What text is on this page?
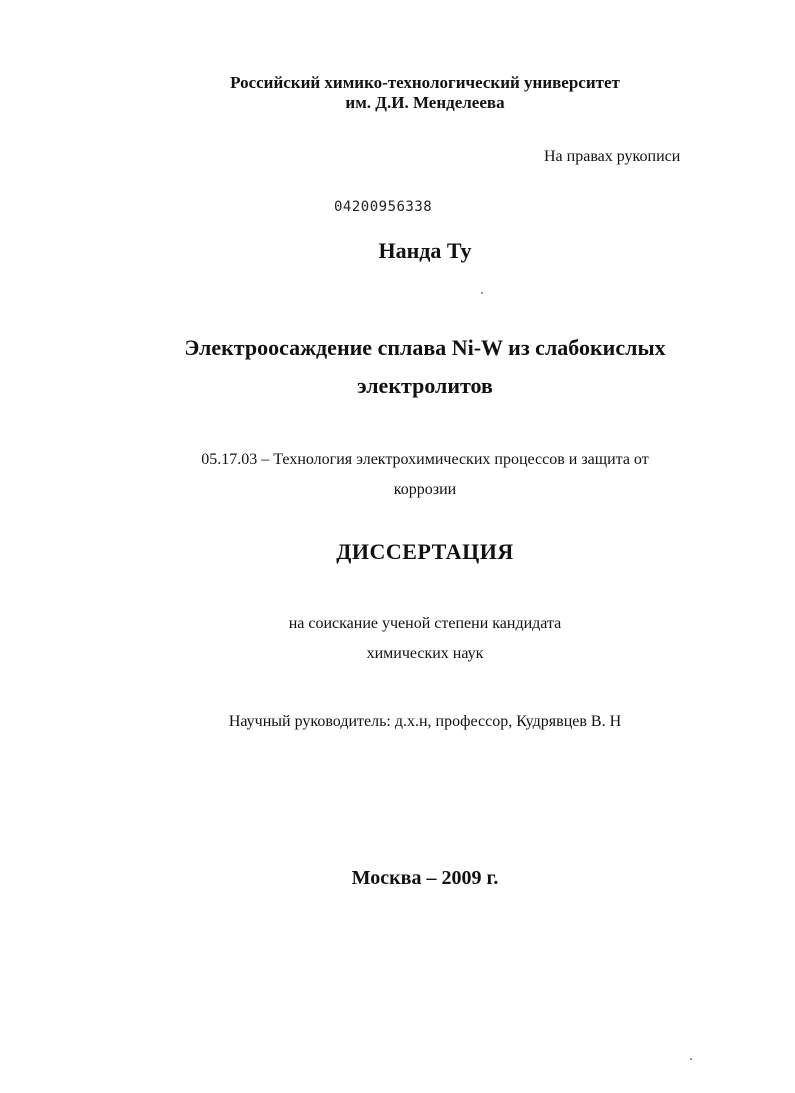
Российский химико-технологический университет
им. Д.И. Менделеева
На правах рукописи
04200956338
Нанда Ту
Электроосаждение сплава Ni-W из слабокислых
электролитов
05.17.03 – Технология электрохимических процессов и защита от
коррозии
ДИССЕРТАЦИЯ
на соискание ученой степени кандидата
химических наук
Научный руководитель: д.х.н, профессор, Кудрявцев В. Н
Москва – 2009 г.
